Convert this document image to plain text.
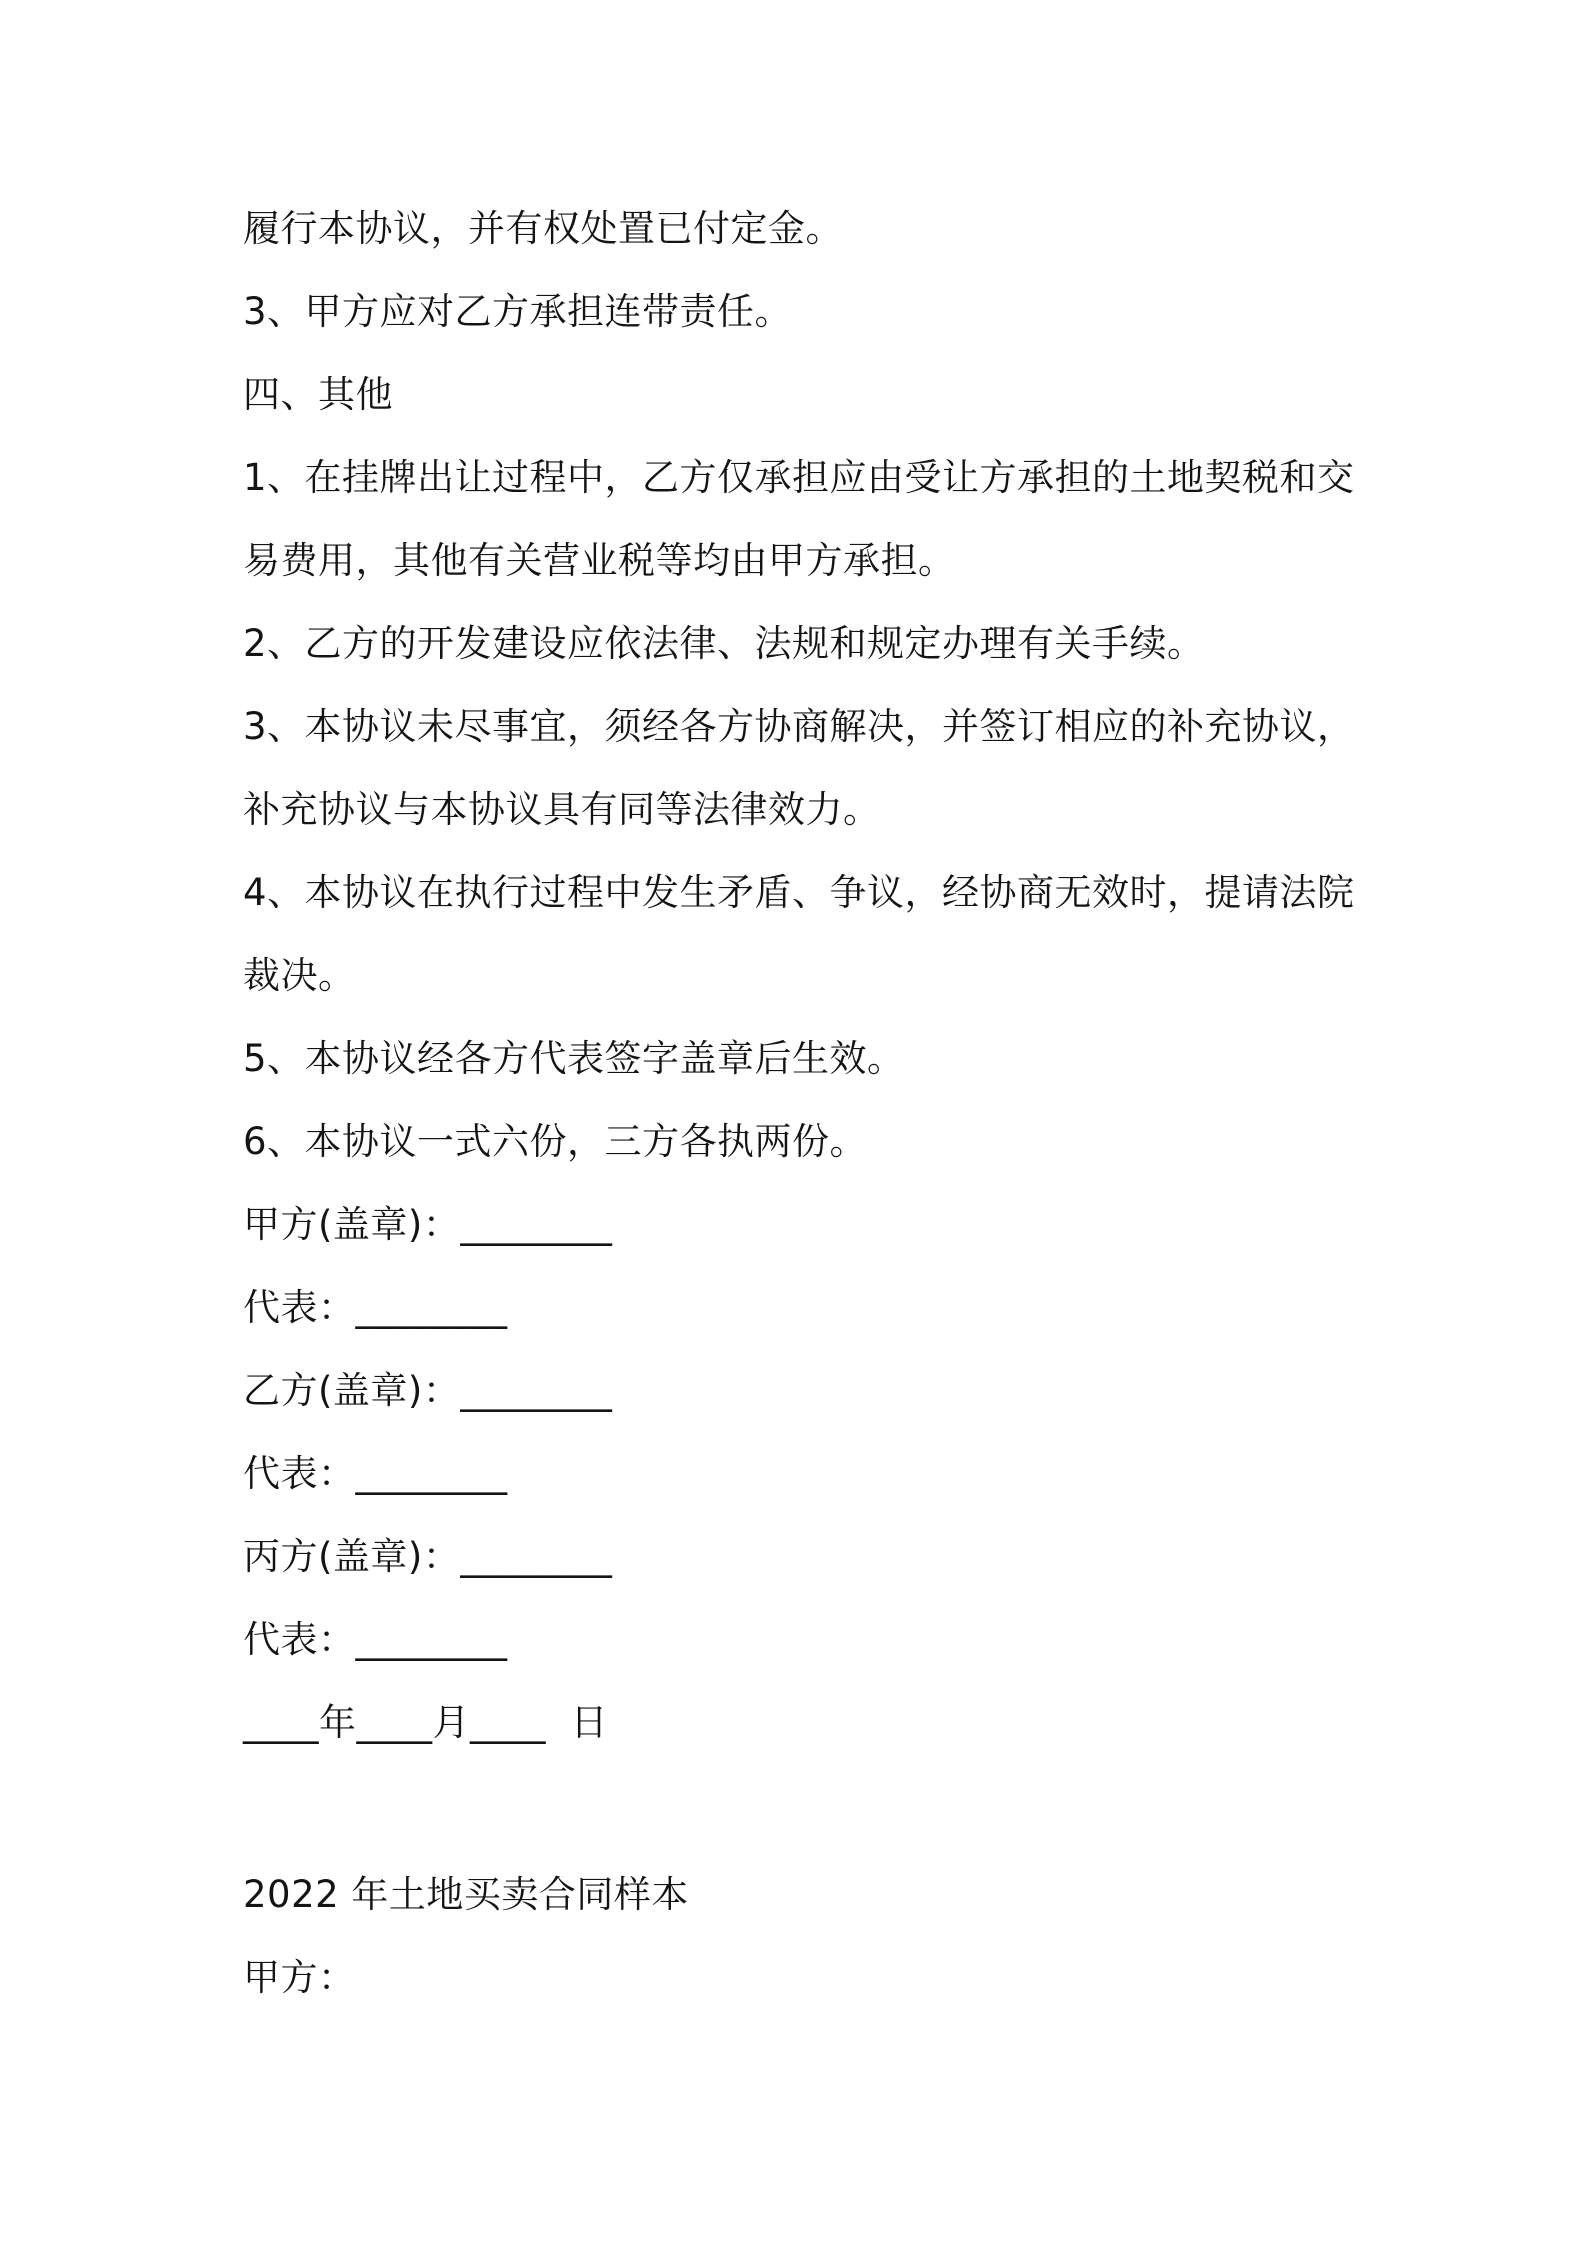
履行本协议，并有权处置已付定金。
3、甲方应对乙方承担连带责任。
四、其他
1、在挂牌出让过程中，乙方仅承担应由受让方承担的土地契税和交
易费用，其他有关营业税等均由甲方承担。
2、乙方的开发建设应依法律、法规和规定办理有关手续。
3、本协议未尽事宜，须经各方协商解决，并签订相应的补充协议，
补充协议与本协议具有同等法律效力。
4、本协议在执行过程中发生矛盾、争议，经协商无效时，提请法院
裁决。
5、本协议经各方代表签字盖章后生效。
6、本协议一式六份，三方各执两份。
甲方(盖章)：________
代表：________
乙方(盖章)：________
代表：________
丙方(盖章)：________
代表：________
____年____月____  日
2022 年土地买卖合同样本
甲方：
